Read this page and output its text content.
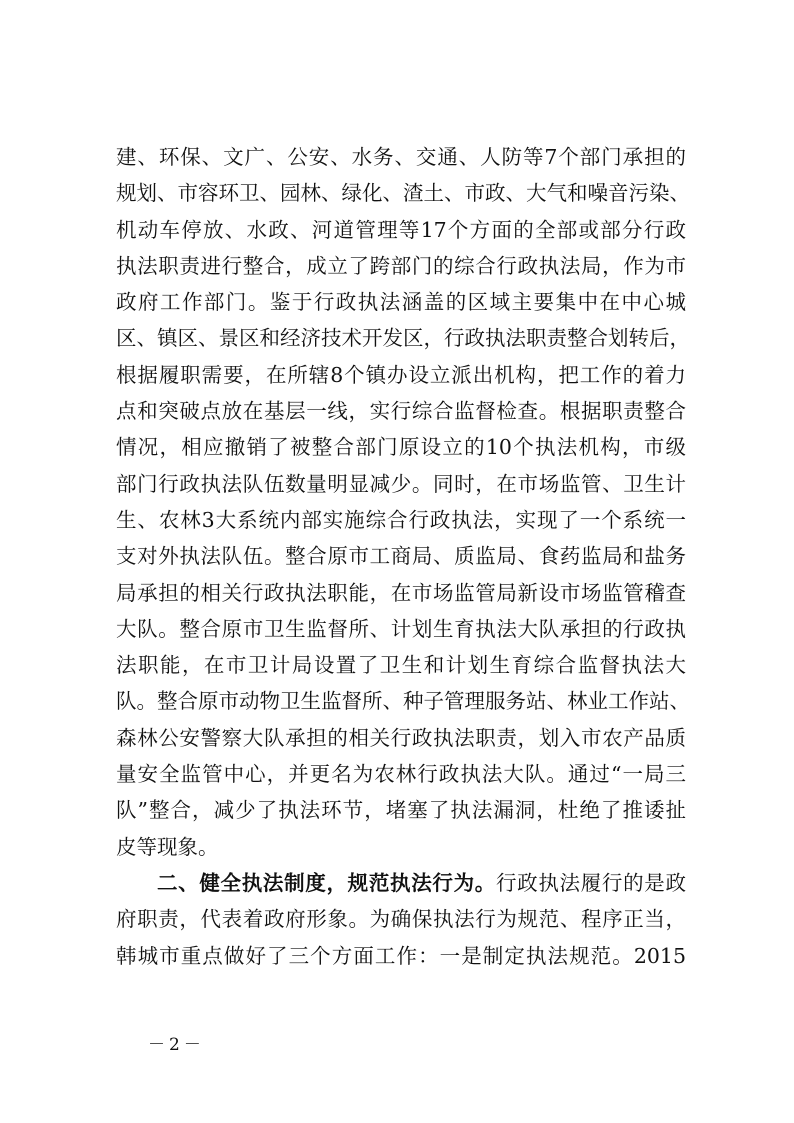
建、环保、文广、公安、水务、交通、人防等7个部门承担的
规划、市容环卫、园林、绿化、渣土、市政、大气和噪音污染、
机动车停放、水政、河道管理等17个方面的全部或部分行政
执法职责进行整合，成立了跨部门的综合行政执法局，作为市
政府工作部门。鉴于行政执法涵盖的区域主要集中在中心城
区、镇区、景区和经济技术开发区，行政执法职责整合划转后，
根据履职需要，在所辖8个镇办设立派出机构，把工作的着力
点和突破点放在基层一线，实行综合监督检查。根据职责整合
情况，相应撤销了被整合部门原设立的10个执法机构，市级
部门行政执法队伍数量明显减少。同时，在市场监管、卫生计
生、农林3大系统内部实施综合行政执法，实现了一个系统一
支对外执法队伍。整合原市工商局、质监局、食药监局和盐务
局承担的相关行政执法职能，在市场监管局新设市场监管稽查
大队。整合原市卫生监督所、计划生育执法大队承担的行政执
法职能，在市卫计局设置了卫生和计划生育综合监督执法大
队。整合原市动物卫生监督所、种子管理服务站、林业工作站、
森林公安警察大队承担的相关行政执法职责，划入市农产品质
量安全监管中心，并更名为农林行政执法大队。通过“一局三
队”整合，减少了执法环节，堵塞了执法漏洞，杜绝了推诿扯
皮等现象。
二、健全执法制度，规范执法行为。行政执法履行的是政
府职责，代表着政府形象。为确保执法行为规范、程序正当，
韩城市重点做好了三个方面工作：一是制定执法规范。2015
－2－
